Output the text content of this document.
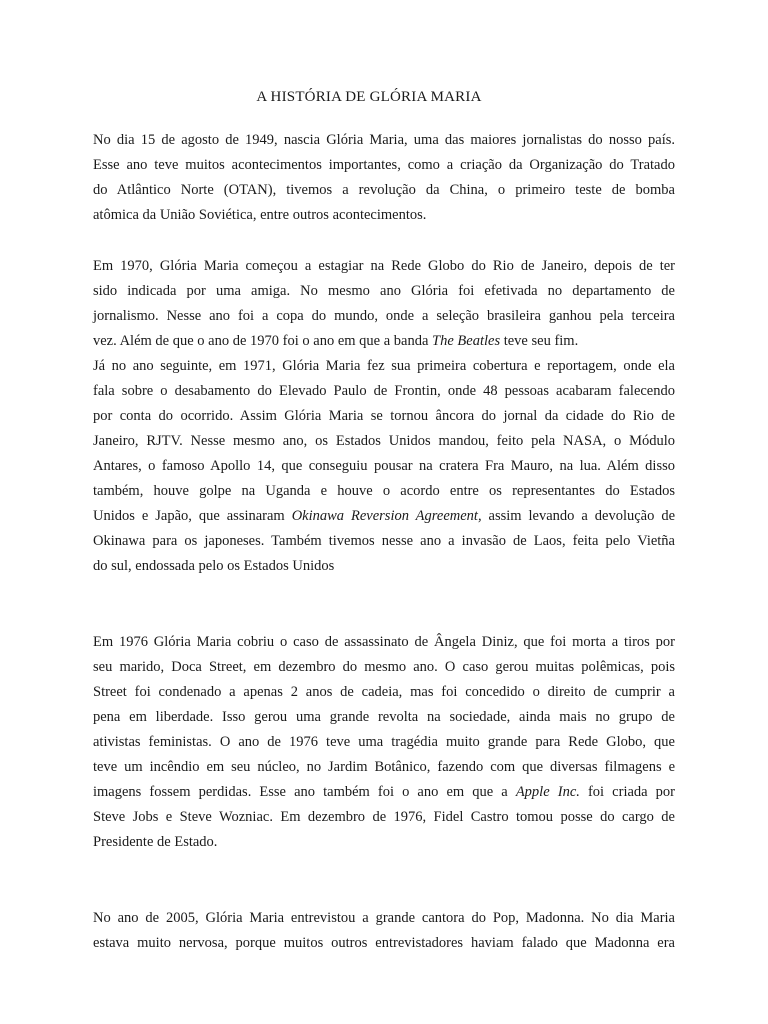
A HISTÓRIA DE GLÓRIA MARIA
No dia 15 de agosto de 1949, nascia Glória Maria, uma das maiores jornalistas do nosso país.
Esse ano teve muitos acontecimentos importantes, como a criação da Organização do Tratado
do Atlântico Norte (OTAN), tivemos a revolução da China, o primeiro teste de bomba
atômica da União Soviética, entre outros acontecimentos.
Em 1970, Glória Maria começou a estagiar na Rede Globo do Rio de Janeiro, depois de ter
sido indicada por uma amiga. No mesmo ano Glória foi efetivada no departamento de
jornalismo. Nesse ano foi a copa do mundo, onde a seleção brasileira ganhou pela terceira
vez. Além de que o ano de 1970 foi o ano em que a banda The Beatles teve seu fim.
Já no ano seguinte, em 1971, Glória Maria fez sua primeira cobertura e reportagem, onde ela
fala sobre o desabamento do Elevado Paulo de Frontin, onde 48 pessoas acabaram falecendo
por conta do ocorrido. Assim Glória Maria se tornou âncora do jornal da cidade do Rio de
Janeiro, RJTV. Nesse mesmo ano, os Estados Unidos mandou, feito pela NASA, o Módulo
Antares, o famoso Apollo 14, que conseguiu pousar na cratera Fra Mauro, na lua. Além disso
também, houve golpe na Uganda e houve o acordo entre os representantes do Estados
Unidos e Japão, que assinaram Okinawa Reversion Agreement, assim levando a devolução de
Okinawa para os japoneses. Também tivemos nesse ano a invasão de Laos, feita pelo Vietña
do sul, endossada pelo os Estados Unidos
Em 1976 Glória Maria cobriu o caso de assassinato de Ângela Diniz, que foi morta a tiros por
seu marido, Doca Street, em dezembro do mesmo ano. O caso gerou muitas polêmicas, pois
Street foi condenado a apenas 2 anos de cadeia, mas foi concedido o direito de cumprir a
pena em liberdade. Isso gerou uma grande revolta na sociedade, ainda mais no grupo de
ativistas feministas. O ano de 1976 teve uma tragédia muito grande para Rede Globo, que
teve um incêndio em seu núcleo, no Jardim Botânico, fazendo com que diversas filmagens e
imagens fossem perdidas. Esse ano também foi o ano em que a Apple Inc. foi criada por
Steve Jobs e Steve Wozniac. Em dezembro de 1976, Fidel Castro tomou posse do cargo de
Presidente de Estado.
No ano de 2005, Glória Maria entrevistou a grande cantora do Pop, Madonna. No dia Maria
estava muito nervosa, porque muitos outros entrevistadores haviam falado que Madonna era
